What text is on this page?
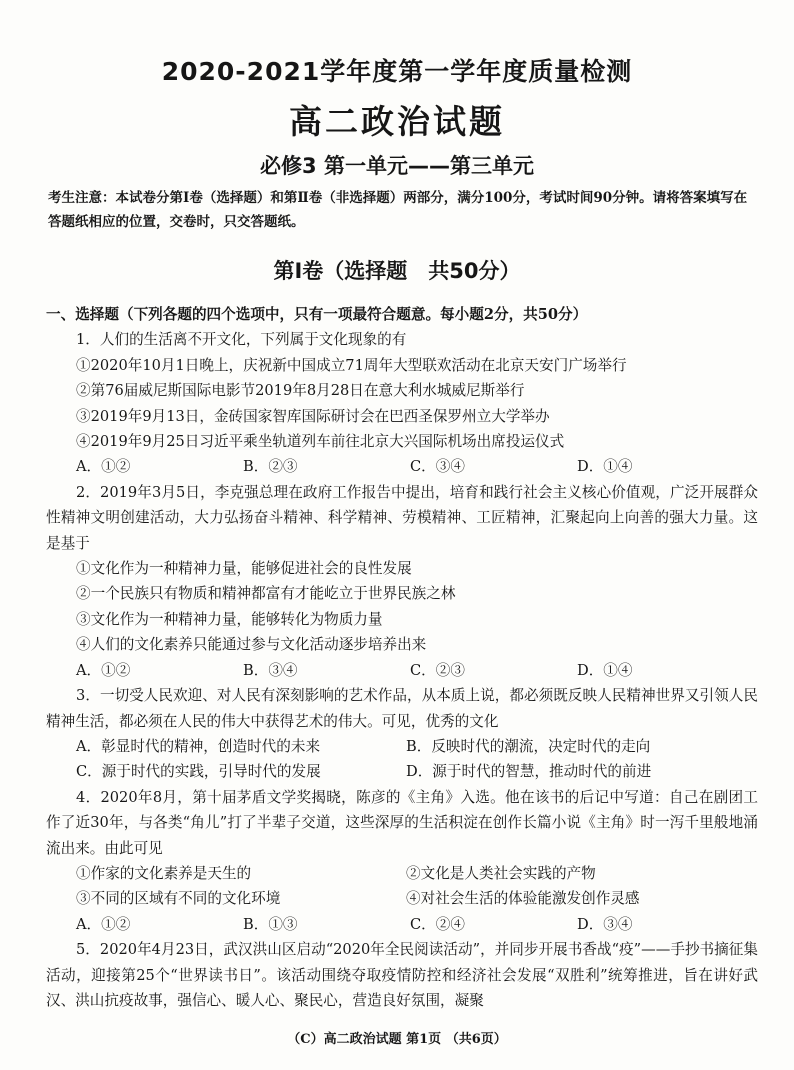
2020-2021学年度第一学年度质量检测
高二政治试题
必修3 第一单元——第三单元
考生注意：本试卷分第Ⅰ卷（选择题）和第Ⅱ卷（非选择题）两部分，满分100分，考试时间90分钟。请将答案填写在答题纸相应的位置，交卷时，只交答题纸。
第Ⅰ卷（选择题　共50分）
一、选择题（下列各题的四个选项中，只有一项最符合题意。每小题2分，共50分）
1．人们的生活离不开文化，下列属于文化现象的有
①2020年10月1日晚上，庆祝新中国成立71周年大型联欢活动在北京天安门广场举行
②第76届威尼斯国际电影节2019年8月28日在意大利水城威尼斯举行
③2019年9月13日，金砖国家智库国际研讨会在巴西圣保罗州立大学举办
④2019年9月25日习近平乘坐轨道列车前往北京大兴国际机场出席投运仪式
A．①②	B．②③	C．③④	D．①④
2．2019年3月5日，李克强总理在政府工作报告中提出，培育和践行社会主义核心价值观，广泛开展群众性精神文明创建活动，大力弘扬奋斗精神、科学精神、劳模精神、工匠精神，汇聚起向上向善的强大力量。这是基于
①文化作为一种精神力量，能够促进社会的良性发展
②一个民族只有物质和精神都富有才能屹立于世界民族之林
③文化作为一种精神力量，能够转化为物质力量
④人们的文化素养只能通过参与文化活动逐步培养出来
A．①②	B．③④	C．②③	D．①④
3．一切受人民欢迎、对人民有深刻影响的艺术作品，从本质上说，都必须既反映人民精神世界又引领人民精神生活，都必须在人民的伟大中获得艺术的伟大。可见，优秀的文化
A．彰显时代的精神，创造时代的未来	B．反映时代的潮流，决定时代的走向
C．源于时代的实践，引导时代的发展	D．源于时代的智慧，推动时代的前进
4．2020年8月，第十届茅盾文学奖揭晓，陈彦的《主角》入选。他在该书的后记中写道：自己在剧团工作了近30年，与各类“角儿”打了半辈子交道，这些深厚的生活积淀在创作长篇小说《主角》时一泻千里般地涌流出来。由此可见
①作家的文化素养是天生的	②文化是人类社会实践的产物
③不同的区域有不同的文化环境	④对社会生活的体验能激发创作灵感
A．①②	B．①③	C．②④	D．③④
5．2020年4月23日，武汉洪山区启动“2020年全民阅读活动”，并同步开展书香战“疫”——手抄书摘征集活动，迎接第25个“世界读书日”。该活动围绕夺取疫情防控和经济社会发展“双胜利”统筹推进，旨在讲好武汉、洪山抗疫故事，强信心、暖人心、聚民心，营造良好氛围，凝聚
（C）高二政治试题 第1页 （共6页）
